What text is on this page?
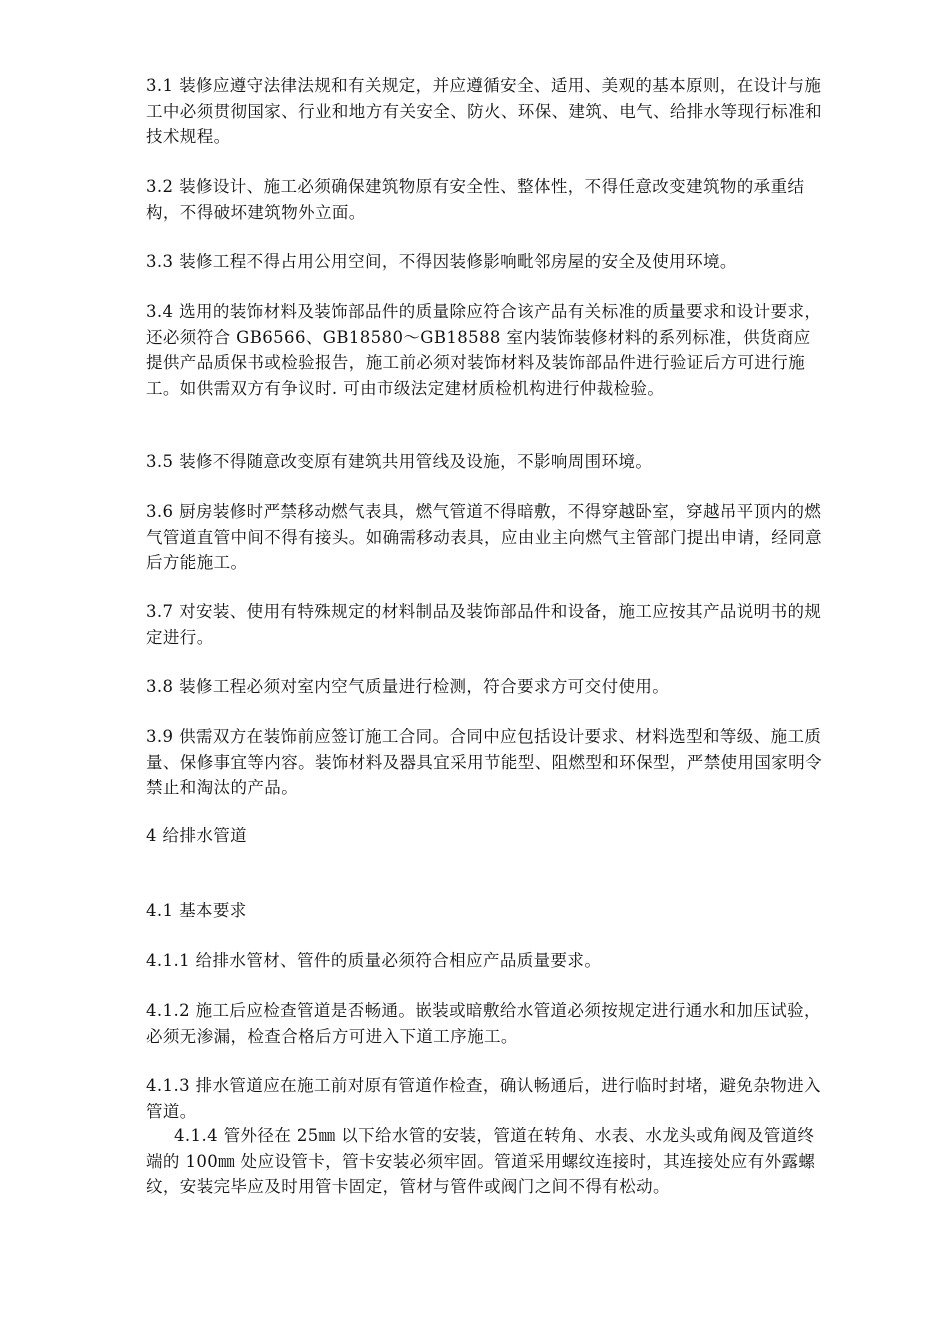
3.1 装修应遵守法律法规和有关规定，并应遵循安全、适用、美观的基本原则，在设计与施工中必须贯彻国家、行业和地方有关安全、防火、环保、建筑、电气、给排水等现行标准和技术规程。

3.2 装修设计、施工必须确保建筑物原有安全性、整体性，不得任意改变建筑物的承重结构，不得破坏建筑物外立面。

3.3 装修工程不得占用公用空间，不得因装修影响毗邻房屋的安全及使用环境。

3.4 选用的装饰材料及装饰部品件的质量除应符合该产品有关标准的质量要求和设计要求，还必须符合 GB6566、GB18580～GB18588 室内装饰装修材料的系列标准，供货商应提供产品质保书或检验报告，施工前必须对装饰材料及装饰部品件进行验证后方可进行施工。如供需双方有争议时. 可由市级法定建材质检机构进行仲裁检验。

3.5 装修不得随意改变原有建筑共用管线及设施，不影响周围环境。

3.6 厨房装修时严禁移动燃气表具，燃气管道不得暗敷，不得穿越卧室，穿越吊平顶内的燃气管道直管中间不得有接头。如确需移动表具，应由业主向燃气主管部门提出申请，经同意后方能施工。

3.7 对安装、使用有特殊规定的材料制品及装饰部品件和设备，施工应按其产品说明书的规定进行。

3.8 装修工程必须对室内空气质量进行检测，符合要求方可交付使用。

3.9 供需双方在装饰前应签订施工合同。合同中应包括设计要求、材料选型和等级、施工质量、保修事宜等内容。装饰材料及器具宜采用节能型、阻燃型和环保型，严禁使用国家明令禁止和淘汰的产品。

4 给排水管道

4.1 基本要求

4.1.1 给排水管材、管件的质量必须符合相应产品质量要求。

4.1.2 施工后应检查管道是否畅通。嵌装或暗敷给水管道必须按规定进行通水和加压试验，必须无渗漏，检查合格后方可进入下道工序施工。

4.1.3 排水管道应在施工前对原有管道作检查，确认畅通后，进行临时封堵，避免杂物进入管道。

4.1.4 管外径在 25㎜ 以下给水管的安装，管道在转角、水表、水龙头或角阀及管道终端的 100㎜ 处应设管卡，管卡安装必须牢固。管道采用螺纹连接时，其连接处应有外露螺纹，安装完毕应及时用管卡固定，管材与管件或阀门之间不得有松动。
